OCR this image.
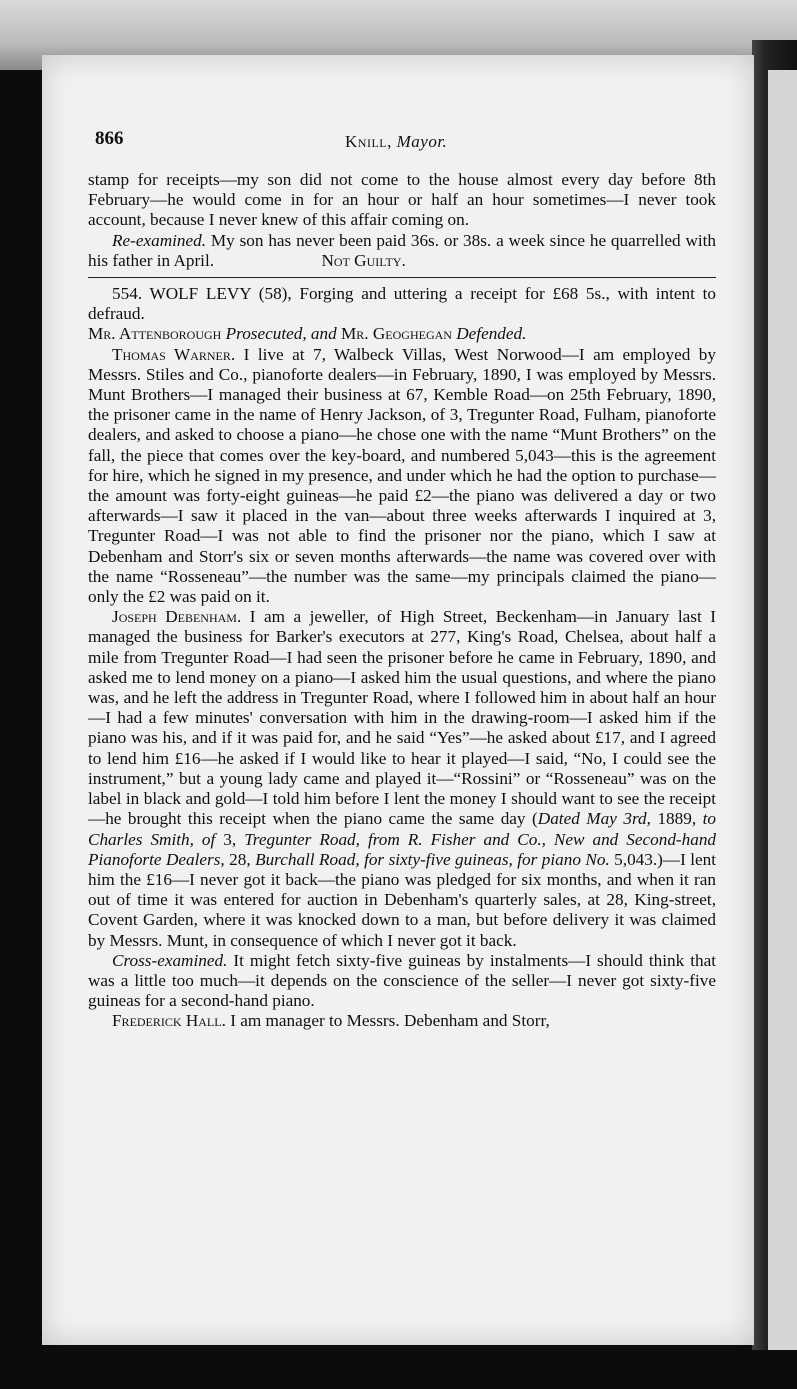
866	Knill, Mayor.

stamp for receipts—my son did not come to the house almost every day before 8th February—he would come in for an hour or half an hour sometimes—I never took account, because I never knew of this affair coming on.

Re-examined. My son has never been paid 36s. or 38s. a week since he quarrelled with his father in April.	Not Guilty.

554. WOLF LEVY (58), Forging and uttering a receipt for £68 5s., with intent to defraud.

Mr. Attenborough Prosecuted, and Mr. Geoghegan Defended.

Thomas Warner. I live at 7, Walbeck Villas, West Norwood—I am employed by Messrs. Stiles and Co., pianoforte dealers—in February, 1890, I was employed by Messrs. Munt Brothers—I managed their business at 67, Kemble Road—on 25th February, 1890, the prisoner came in the name of Henry Jackson, of 3, Tregunter Road, Fulham, pianoforte dealers, and asked to choose a piano—he chose one with the name “Munt Brothers” on the fall, the piece that comes over the key-board, and numbered 5,043—this is the agreement for hire, which he signed in my presence, and under which he had the option to purchase—the amount was forty-eight guineas—he paid £2—the piano was delivered a day or two afterwards—I saw it placed in the van—about three weeks afterwards I inquired at 3, Tregunter Road—I was not able to find the prisoner nor the piano, which I saw at Debenham and Storr's six or seven months afterwards—the name was covered over with the name “Rosseneau”—the number was the same—my principals claimed the piano—only the £2 was paid on it.

Joseph Debenham. I am a jeweller, of High Street, Beckenham—in January last I managed the business for Barker's executors at 277, King's Road, Chelsea, about half a mile from Tregunter Road—I had seen the prisoner before he came in February, 1890, and asked me to lend money on a piano—I asked him the usual questions, and where the piano was, and he left the address in Tregunter Road, where I followed him in about half an hour—I had a few minutes' conversation with him in the drawing-room—I asked him if the piano was his, and if it was paid for, and he said “Yes”—he asked about £17, and I agreed to lend him £16—he asked if I would like to hear it played—I said, “No, I could see the instrument,” but a young lady came and played it—“Rossini” or “Rosseneau” was on the label in black and gold—I told him before I lent the money I should want to see the receipt—he brought this receipt when the piano came the same day (Dated May 3rd, 1889, to Charles Smith, of 3, Tregunter Road, from R. Fisher and Co., New and Second-hand Pianoforte Dealers, 28, Burchall Road, for sixty-five guineas, for piano No. 5,043.)—I lent him the £16—I never got it back—the piano was pledged for six months, and when it ran out of time it was entered for auction in Debenham's quarterly sales, at 28, King-street, Covent Garden, where it was knocked down to a man, but before delivery it was claimed by Messrs. Munt, in consequence of which I never got it back.

Cross-examined. It might fetch sixty-five guineas by instalments—I should think that was a little too much—it depends on the conscience of the seller—I never got sixty-five guineas for a second-hand piano.

Frederick Hall. I am manager to Messrs. Debenham and Storr,
